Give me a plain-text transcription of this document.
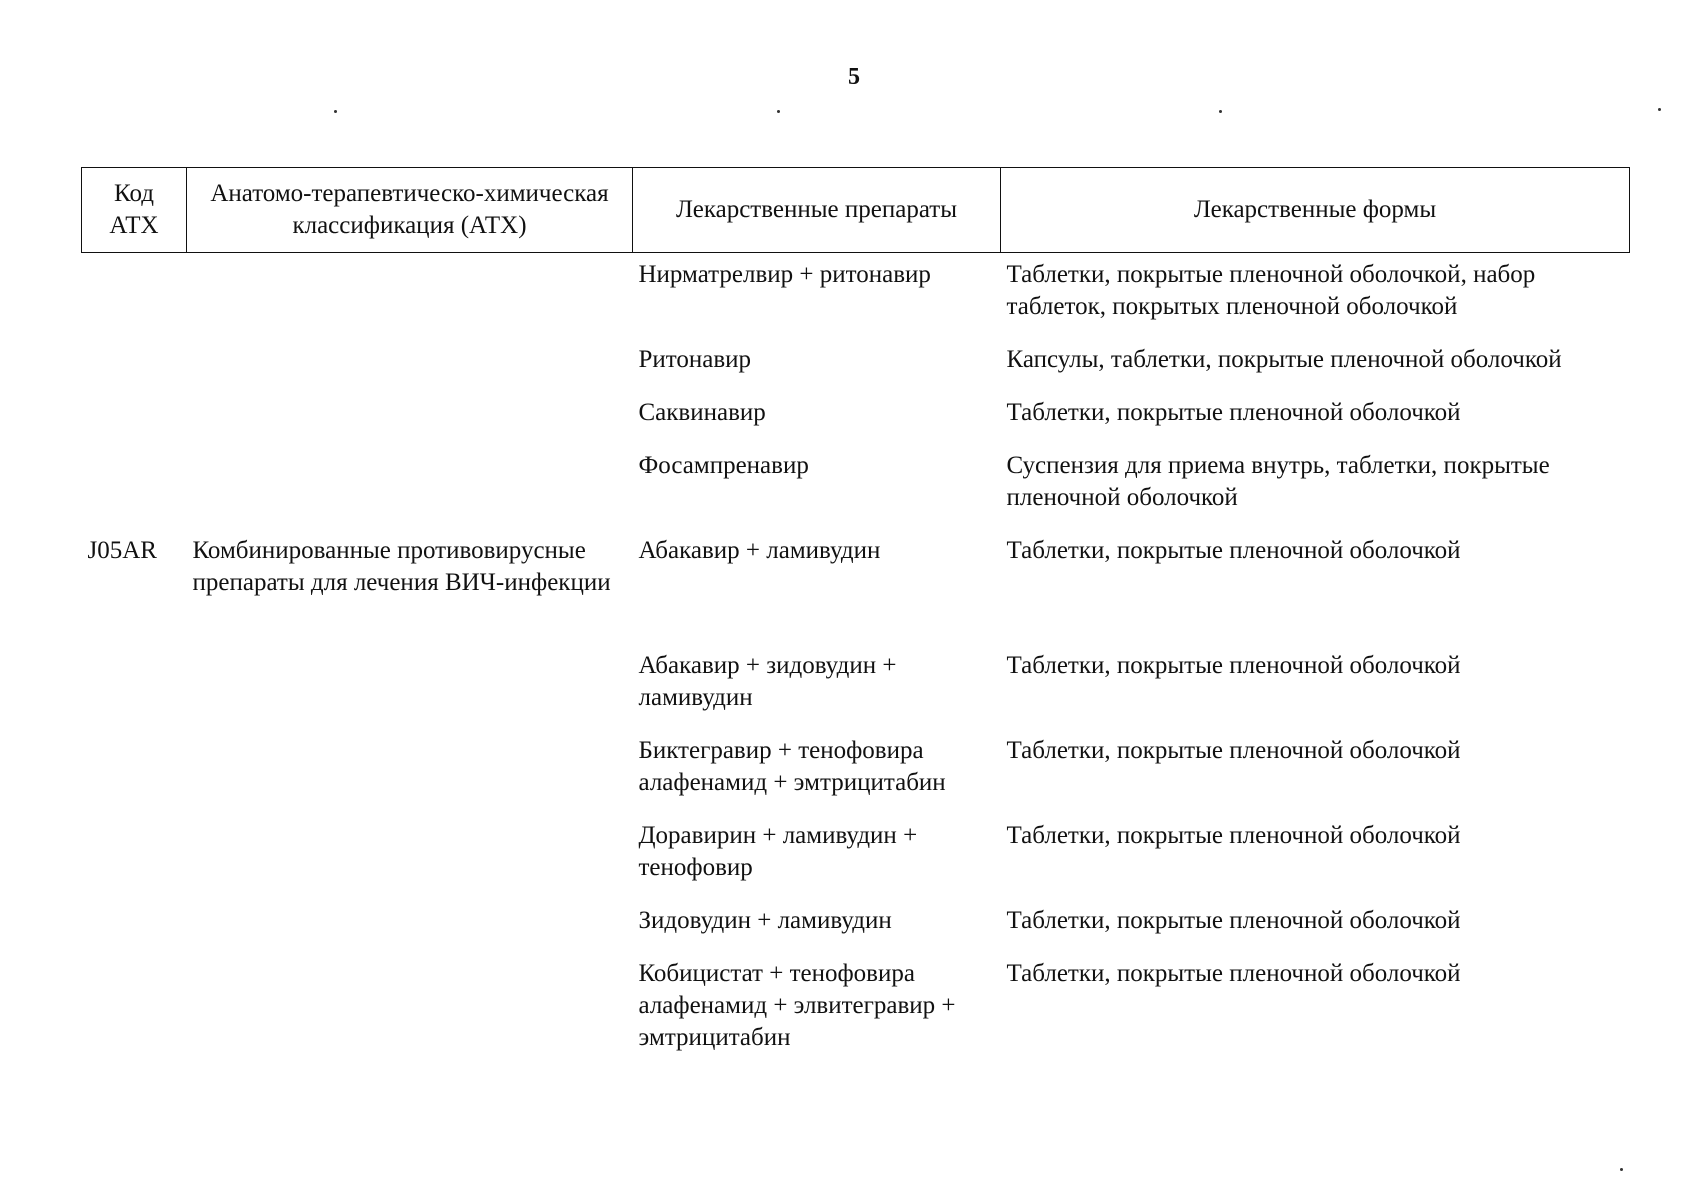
5
Код АТХ	Анатомо-терапевтическо-химическая классификация (АТХ)	Лекарственные препараты	Лекарственные формы
		Нирматрелвир + ритонавир	Таблетки, покрытые пленочной оболочкой, набор таблеток, покрытых пленочной оболочкой
		Ритонавир	Капсулы, таблетки, покрытые пленочной оболочкой
		Саквинавир	Таблетки, покрытые пленочной оболочкой
		Фосампренавир	Суспензия для приема внутрь, таблетки, покрытые пленочной оболочкой
J05AR	Комбинированные противовирусные препараты для лечения ВИЧ-инфекции	Абакавир + ламивудин	Таблетки, покрытые пленочной оболочкой
		Абакавир + зидовудин + ламивудин	Таблетки, покрытые пленочной оболочкой
		Биктегравир + тенофовира алафенамид + эмтрицитабин	Таблетки, покрытые пленочной оболочкой
		Доравирин + ламивудин + тенофовир	Таблетки, покрытые пленочной оболочкой
		Зидовудин + ламивудин	Таблетки, покрытые пленочной оболочкой
		Кобицистат + тенофовира алафенамид + элвитегравир + эмтрицитабин	Таблетки, покрытые пленочной оболочкой
